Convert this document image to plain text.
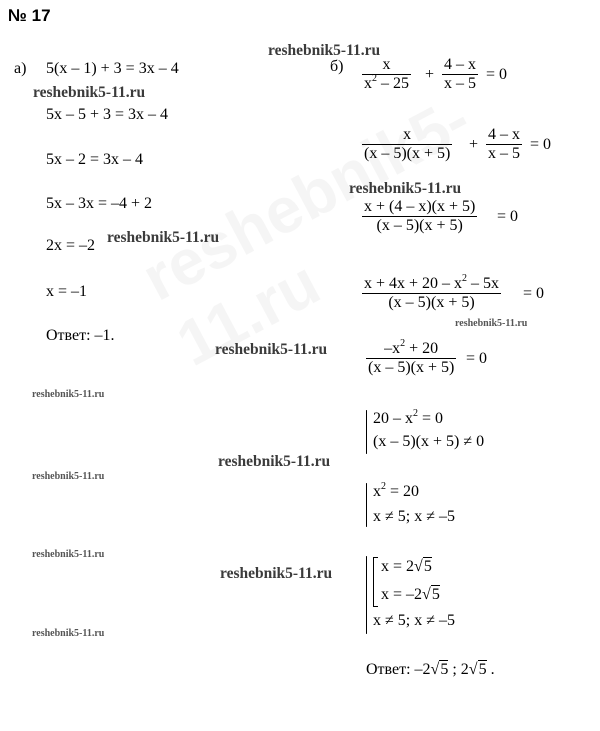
№ 17
reshebnik5-11.ru
reshebnik5-11.ru
reshebnik5-11.ru
reshebnik5-11.ru
reshebnik5-11.ru
reshebnik5-11.ru
reshebnik5-11.ru
reshebnik5-11.ru
reshebnik5-11.ru
reshebnik5-11.ru
reshebnik5-11.ru
reshebnik5-11.ru
а) 5(x – 1) + 3 = 3x – 4
5x – 5 + 3 = 3x – 4
5x – 2 = 3x – 4
5x – 3x = –4 + 2
2x = –2
x = –1
Ответ: –1.
$б) \frac{x}{x^2 - 25} + \frac{4 - x}{x - 5} = 0$
$\frac{x}{(x - 5)(x + 5)} + \frac{4 - x}{x - 5} = 0$
$\frac{x + (4 - x)(x + 5)}{(x - 5)(x + 5)} = 0$
$\frac{x + 4x + 20 - x^2 - 5x}{(x - 5)(x + 5)} = 0$
$\frac{-x^2 + 20}{(x - 5)(x + 5)} = 0$
$20 - x^2 = 0$
(x – 5)(x + 5) ≠ 0
$x^2 = 20$
x ≠ 5; x ≠ –5
x = 2√5
x = –2√5
x ≠ 5; x ≠ –5
Ответ: –2√5 ; 2√5 .
